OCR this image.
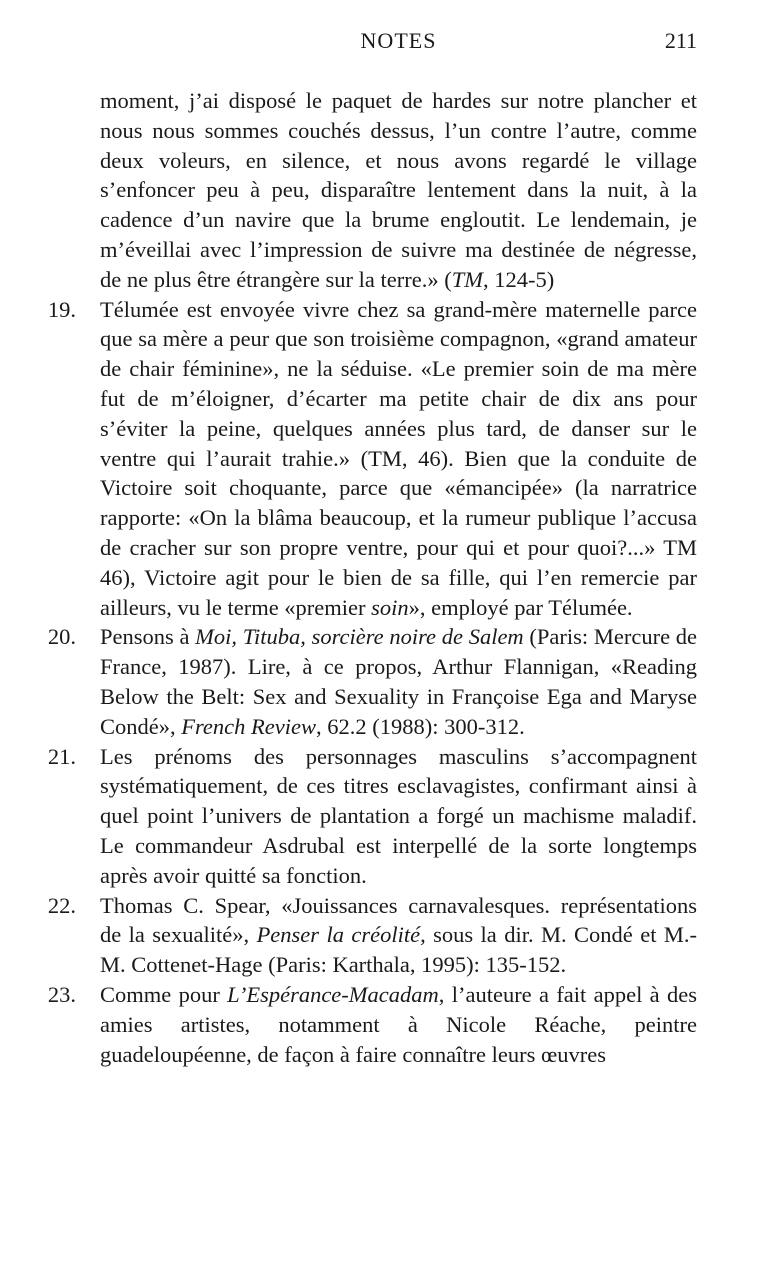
NOTES	211

moment, j’ai disposé le paquet de hardes sur notre plancher et nous nous sommes couchés dessus, l’un contre l’autre, comme deux voleurs, en silence, et nous avons regardé le village s’enfoncer peu à peu, disparaître lentement dans la nuit, à la cadence d’un navire que la brume engloutit. Le lendemain, je m’éveillai avec l’impression de suivre ma destinée de négresse, de ne plus être étrangère sur la terre.» (TM, 124-5)

19. Télumée est envoyée vivre chez sa grand-mère maternelle parce que sa mère a peur que son troisième compagnon, «grand amateur de chair féminine», ne la séduise. «Le premier soin de ma mère fut de m’éloigner, d’écarter ma petite chair de dix ans pour s’éviter la peine, quelques années plus tard, de danser sur le ventre qui l’aurait trahie.» (TM, 46). Bien que la conduite de Victoire soit choquante, parce que «émancipée» (la narratrice rapporte: «On la blâma beaucoup, et la rumeur publique l’accusa de cracher sur son propre ventre, pour qui et pour quoi?...» TM 46), Victoire agit pour le bien de sa fille, qui l’en remercie par ailleurs, vu le terme «premier soin», employé par Télumée.

20. Pensons à Moi, Tituba, sorcière noire de Salem (Paris: Mercure de France, 1987). Lire, à ce propos, Arthur Flannigan, «Reading Below the Belt: Sex and Sexuality in Françoise Ega and Maryse Condé», French Review, 62.2 (1988): 300-312.

21. Les prénoms des personnages masculins s’accompagnent systématiquement, de ces titres esclavagistes, confirmant ainsi à quel point l’univers de plantation a forgé un machisme maladif. Le commandeur Asdrubal est interpellé de la sorte longtemps après avoir quitté sa fonction.

22. Thomas C. Spear, «Jouissances carnavalesques. représentations de la sexualité», Penser la créolité, sous la dir. M. Condé et M.-M. Cottenet-Hage (Paris: Karthala, 1995): 135-152.

23. Comme pour L’Espérance-Macadam, l’auteure a fait appel à des amies artistes, notamment à Nicole Réache, peintre guadeloupéenne, de façon à faire connaître leurs œuvres
